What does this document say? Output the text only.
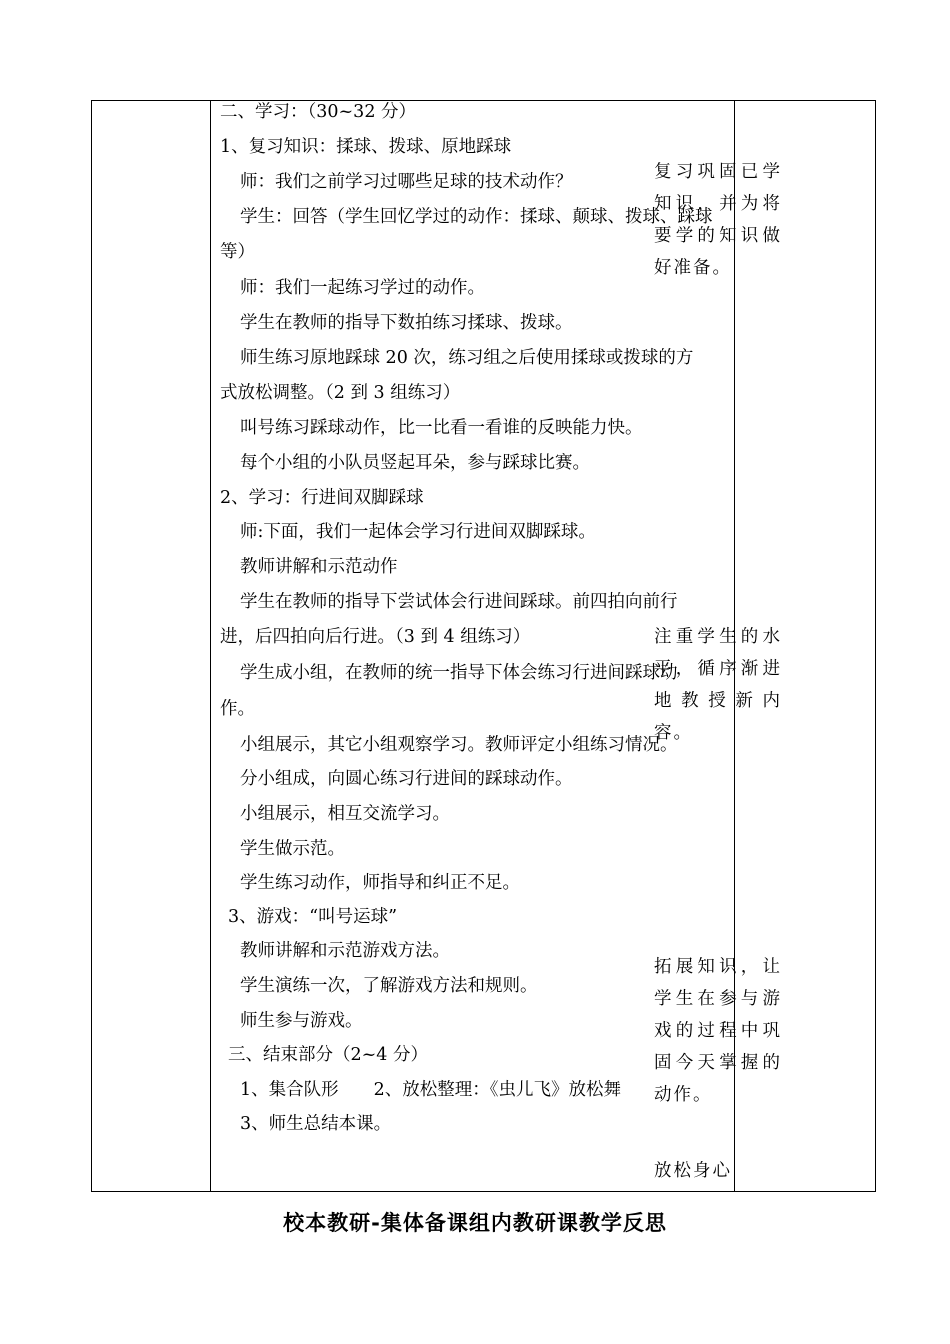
二、学习：（30~32 分）
1、复习知识：揉球、拨球、原地踩球
师：我们之前学习过哪些足球的技术动作？
学生：回答（学生回忆学过的动作：揉球、颠球、拨球、踩球
等）
师：我们一起练习学过的动作。
学生在教师的指导下数拍练习揉球、拨球。
师生练习原地踩球 20 次，练习组之后使用揉球或拨球的方
式放松调整。（2 到 3 组练习）
叫号练习踩球动作，比一比看一看谁的反映能力快。
每个小组的小队员竖起耳朵，参与踩球比赛。
2、学习：行进间双脚踩球
师:下面，我们一起体会学习行进间双脚踩球。
教师讲解和示范动作
学生在教师的指导下尝试体会行进间踩球。前四拍向前行
进，后四拍向后行进。（3 到 4 组练习）
学生成小组，在教师的统一指导下体会练习行进间踩球动
作。
小组展示，其它小组观察学习。教师评定小组练习情况。
分小组成，向圆心练习行进间的踩球动作。
小组展示，相互交流学习。
学生做示范。
学生练习动作，师指导和纠正不足。
3、游戏：“叫号运球”
教师讲解和示范游戏方法。
学生演练一次，了解游戏方法和规则。
师生参与游戏。
三、结束部分（2~4 分）
1、集合队形　　2、放松整理：《虫儿飞》放松舞
3、师生总结本课。
复习巩固已学知识，并为将要学的知识做好准备。
注重学生的水平，循序渐进地教授新内容。
拓展知识，让学生在参与游戏的过程中巩固今天掌握的动作。
放松身心
校本教研-集体备课组内教研课教学反思
